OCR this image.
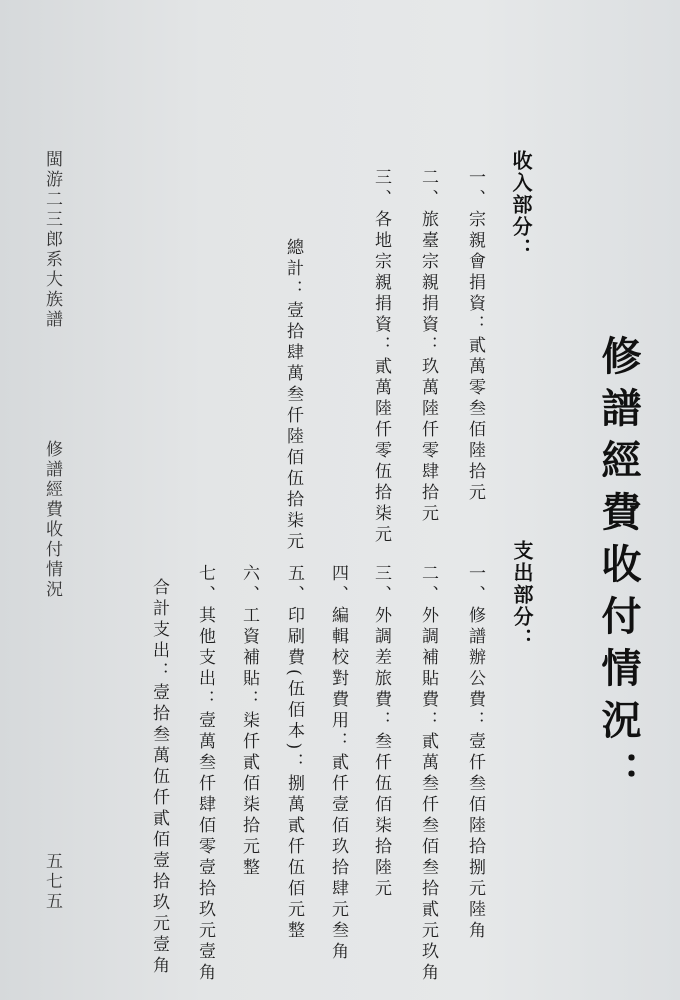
閩游二三郎系大族譜
修譜經費收付情況
五七五
修譜經費收付情況：
收入部分：
一、宗親會捐資：貳萬零叁佰陸拾元
二、旅臺宗親捐資：玖萬陸仟零肆拾元
三、各地宗親捐資：貳萬陸仟零伍拾柒元
總計：壹拾肆萬叁仟陸佰伍拾柒元
支出部分：
一、修譜辦公費：壹仟叁佰陸拾捌元陸角
二、外調補貼費：貳萬叁仟叁佰叁拾貳元玖角
三、外調差旅費：叁仟伍佰柒拾陸元
四、編輯校對費用：貳仟壹佰玖拾肆元叁角
五、印刷費(伍佰本)：捌萬貳仟伍佰元整
六、工資補貼：柒仟貳佰柒拾元整
七、其他支出：壹萬叁仟肆佰零壹拾玖元壹角
合計支出：壹拾叁萬伍仟貳佰壹拾玖元壹角
